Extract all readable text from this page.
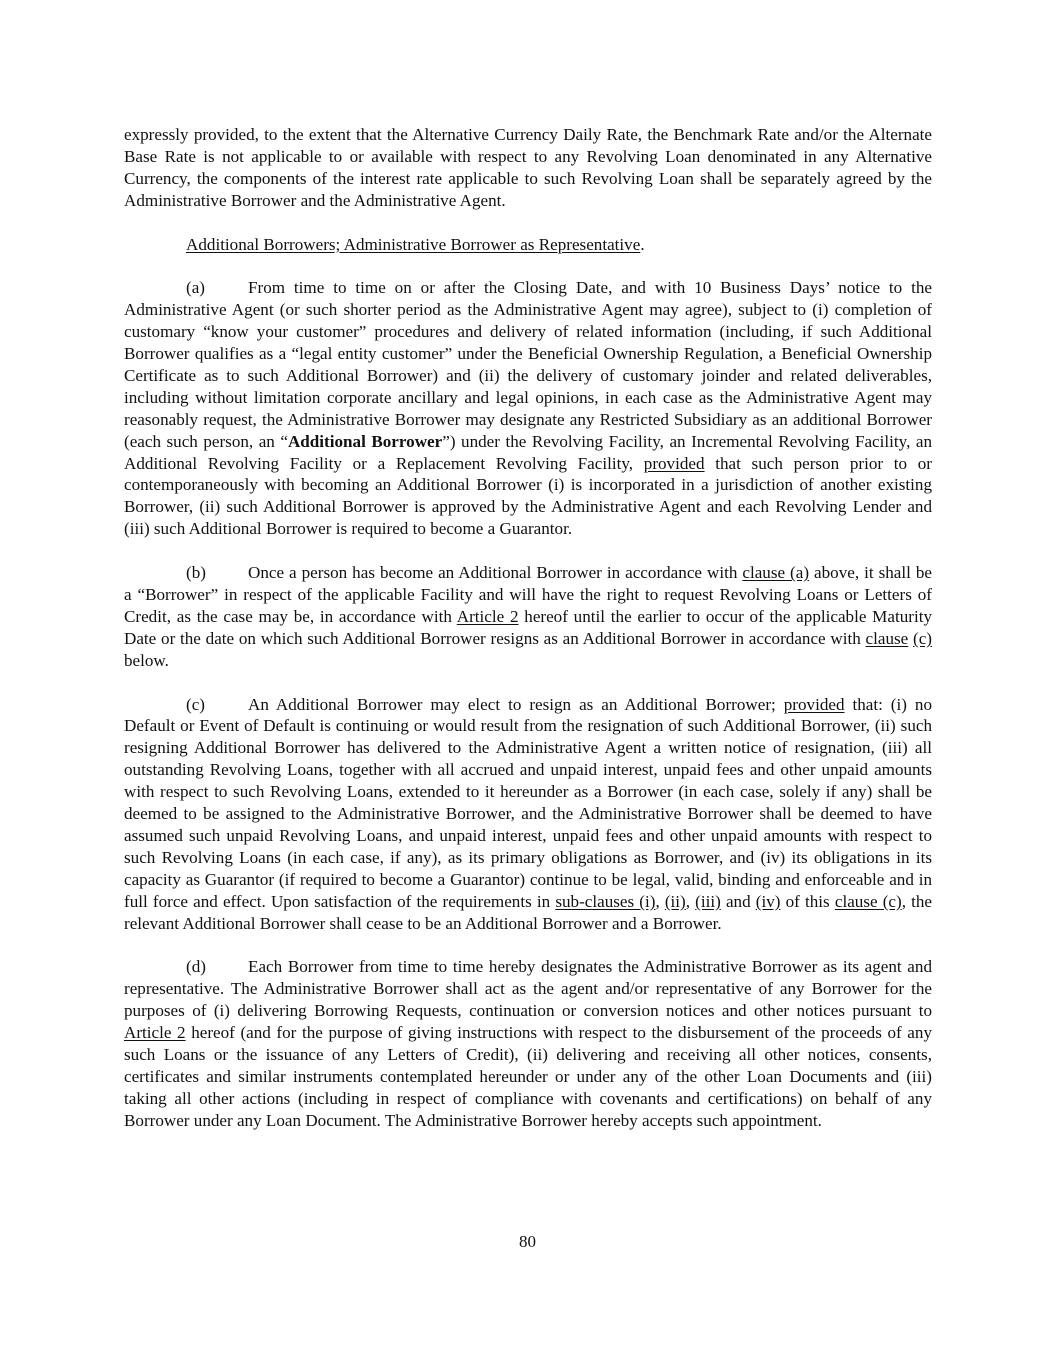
expressly provided, to the extent that the Alternative Currency Daily Rate, the Benchmark Rate and/or the Alternate Base Rate is not applicable to or available with respect to any Revolving Loan denominated in any Alternative Currency, the components of the interest rate applicable to such Revolving Loan shall be separately agreed by the Administrative Borrower and the Administrative Agent.

Additional Borrowers; Administrative Borrower as Representative.

(a)	From time to time on or after the Closing Date, and with 10 Business Days’ notice to the Administrative Agent (or such shorter period as the Administrative Agent may agree), subject to (i) completion of customary “know your customer” procedures and delivery of related information (including, if such Additional Borrower qualifies as a “legal entity customer” under the Beneficial Ownership Regulation, a Beneficial Ownership Certificate as to such Additional Borrower) and (ii) the delivery of customary joinder and related deliverables, including without limitation corporate ancillary and legal opinions, in each case as the Administrative Agent may reasonably request, the Administrative Borrower may designate any Restricted Subsidiary as an additional Borrower (each such person, an “Additional Borrower”) under the Revolving Facility, an Incremental Revolving Facility, an Additional Revolving Facility or a Replacement Revolving Facility, provided that such person prior to or contemporaneously with becoming an Additional Borrower (i) is incorporated in a jurisdiction of another existing Borrower, (ii) such Additional Borrower is approved by the Administrative Agent and each Revolving Lender and (iii) such Additional Borrower is required to become a Guarantor.

(b) Once a person has become an Additional Borrower in accordance with clause (a) above, it shall be a “Borrower” in respect of the applicable Facility and will have the right to request Revolving Loans or Letters of Credit, as the case may be, in accordance with Article 2 hereof until the earlier to occur of the applicable Maturity Date or the date on which such Additional Borrower resigns as an Additional Borrower in accordance with clause (c) below.

(c)	An Additional Borrower may elect to resign as an Additional Borrower; provided that: (i) no Default or Event of Default is continuing or would result from the resignation of such Additional Borrower, (ii) such resigning Additional Borrower has delivered to the Administrative Agent a written notice of resignation, (iii) all outstanding Revolving Loans, together with all accrued and unpaid interest, unpaid fees and other unpaid amounts with respect to such Revolving Loans, extended to it hereunder as a Borrower (in each case, solely if any) shall be deemed to be assigned to the Administrative Borrower, and the Administrative Borrower shall be deemed to have assumed such unpaid Revolving Loans, and unpaid interest, unpaid fees and other unpaid amounts with respect to such Revolving Loans (in each case, if any), as its primary obligations as Borrower, and (iv) its obligations in its capacity as Guarantor (if required to become a Guarantor) continue to be legal, valid, binding and enforceable and in full force and effect. Upon satisfaction of the requirements in sub-clauses (i), (ii), (iii) and (iv) of this clause (c), the relevant Additional Borrower shall cease to be an Additional Borrower and a Borrower.

(d) Each Borrower from time to time hereby designates the Administrative Borrower as its agent and representative. The Administrative Borrower shall act as the agent and/or representative of any Borrower for the purposes of (i) delivering Borrowing Requests, continuation or conversion notices and other notices pursuant to Article 2 hereof (and for the purpose of giving instructions with respect to the disbursement of the proceeds of any such Loans or the issuance of any Letters of Credit), (ii) delivering and receiving all other notices, consents, certificates and similar instruments contemplated hereunder or under any of the other Loan Documents and (iii) taking all other actions (including in respect of compliance with covenants and certifications) on behalf of any Borrower under any Loan Document. The Administrative Borrower hereby accepts such appointment.

80
